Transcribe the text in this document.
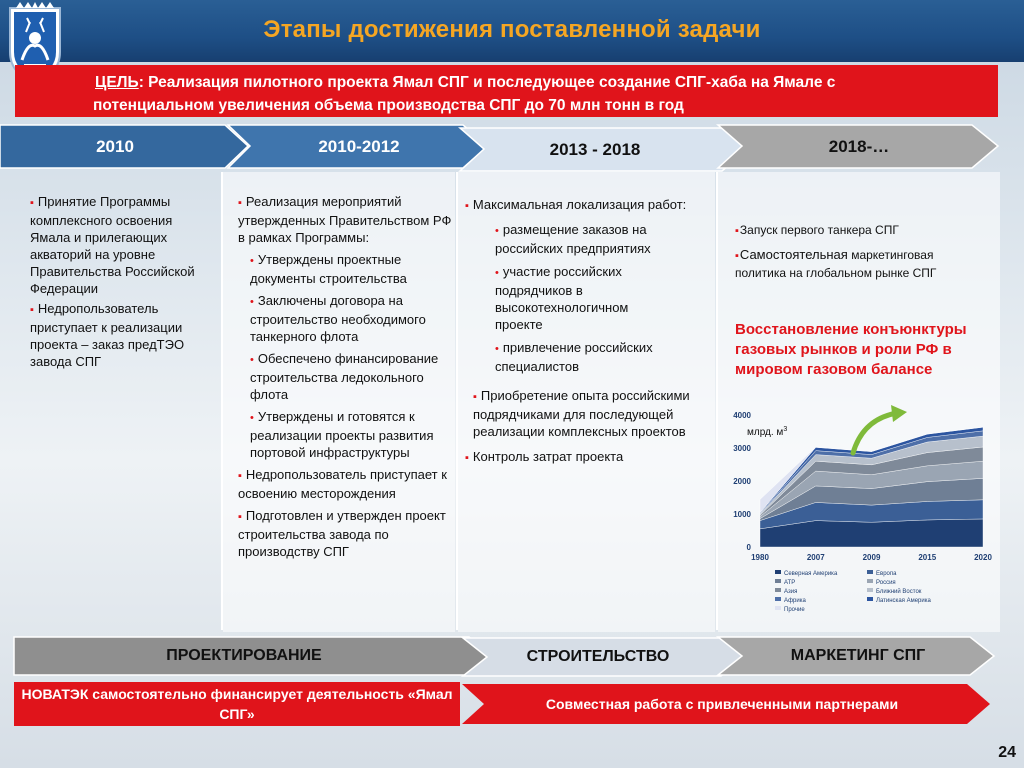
Этапы достижения поставленной задачи
ЦЕЛЬ: Реализация пилотного проекта Ямал СПГ и последующее создание СПГ-хаба на Ямале с
потенциальном увеличения объема производства СПГ до 70 млн тонн в год
2010	2010-2012	2013 - 2018	2018-…
▪ Принятие Программы комплексного освоения Ямала и прилегающих акваторий на уровне Правительства Российской Федерации
▪ Недропользователь приступает к реализации проекта – заказ предТЭО завода СПГ
▪ Реализация мероприятий утвержденных Правительством РФ в рамках Программы:
• Утверждены проектные документы строительства
• Заключены договора на строительство необходимого танкерного флота
• Обеспечено финансирование строительства ледокольного флота
• Утверждены и готовятся к реализации проекты развития портовой инфраструктуры
▪ Недропользователь приступает к освоению месторождения
▪ Подготовлен и утвержден проект строительства завода по производству СПГ
▪ Максимальная локализация работ:
• размещение заказов на российских предприятиях
• участие российских подрядчиков в высокотехнологичном проекте
• привлечение российских специалистов
▪ Приобретение опыта российскими подрядчиками для последующей реализации комплексных проектов
▪ Контроль затрат проекта
▪Запуск первого танкера СПГ
▪Самостоятельная маркетинговая политика на глобальном рынке СПГ
Восстановление конъюнктуры газовых рынков и роли РФ в мировом газовом балансе
0
1000
2000
3000
4000
1980	2007	2009	2015	2020
млрд. $м^3$
Северная Америка	Европа
АТР	Россия
Азия	Ближний Восток
Африка	Латинская Америка
Прочие
ПРОЕКТИРОВАНИЕ	СТРОИТЕЛЬСТВО	МАРКЕТИНГ СПГ
НОВАТЭК самостоятельно финансирует деятельность «Ямал СПГ»
Совместная работа с привлеченными партнерами
24
